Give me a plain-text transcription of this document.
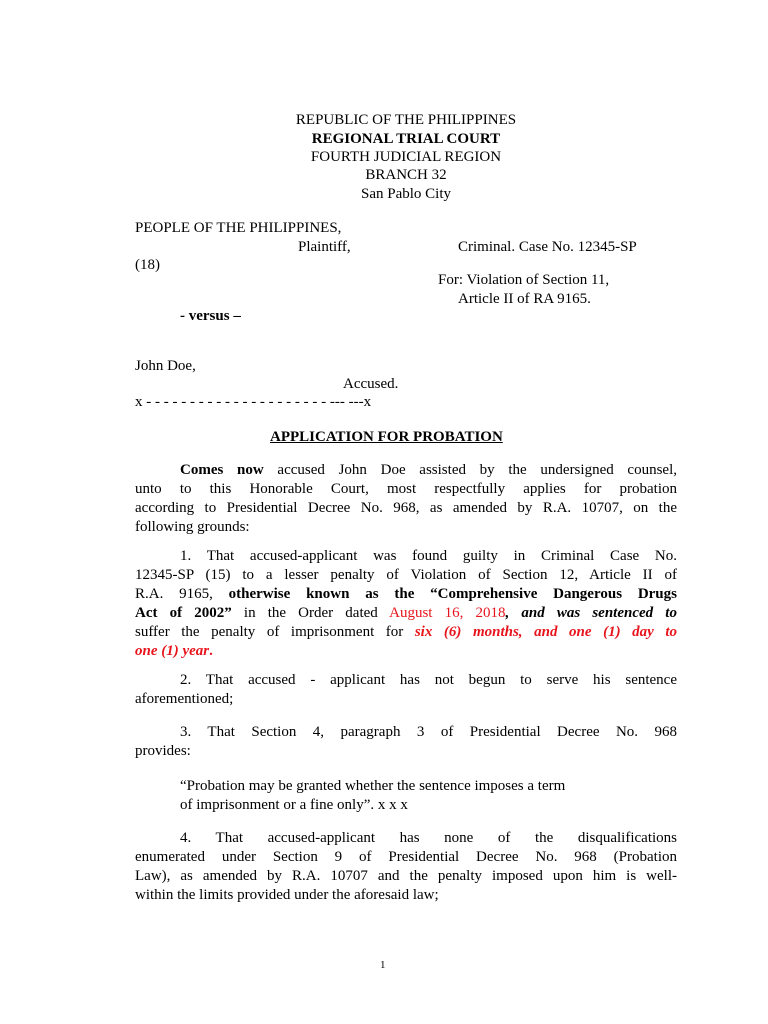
REPUBLIC OF THE PHILIPPINES
REGIONAL TRIAL COURT
FOURTH JUDICIAL REGION
BRANCH 32
San Pablo City
PEOPLE OF THE PHILIPPINES,
Plaintiff,	Criminal. Case No. 12345-SP
(18)
For: Violation of Section 11,
Article II of RA 9165.
- versus –
John Doe,
Accused.
x - - - - - - - - - - - - - - - - - - - - - --- ---x
APPLICATION FOR PROBATION
Comes now accused John Doe assisted by the undersigned counsel,
unto to this Honorable Court, most respectfully applies for probation
according to Presidential Decree No. 968, as amended by R.A. 10707, on the
following grounds:
1. That accused-applicant was found guilty in Criminal Case No.
12345-SP (15) to a lesser penalty of Violation of Section 12, Article II of
R.A. 9165, otherwise known as the “Comprehensive Dangerous Drugs
Act of 2002” in the Order dated August 16, 2018, and was sentenced to
suffer the penalty of imprisonment for six (6) months, and one (1) day to
one (1) year.
2. That accused - applicant has not begun to serve his sentence
aforementioned;
3. That Section 4, paragraph 3 of Presidential Decree No. 968
provides:
“Probation may be granted whether the sentence imposes a term
of imprisonment or a fine only”. x x x
4. That accused-applicant has none of the disqualifications
enumerated under Section 9 of Presidential Decree No. 968 (Probation
Law), as amended by R.A. 10707 and the penalty imposed upon him is well-
within the limits provided under the aforesaid law;
1
